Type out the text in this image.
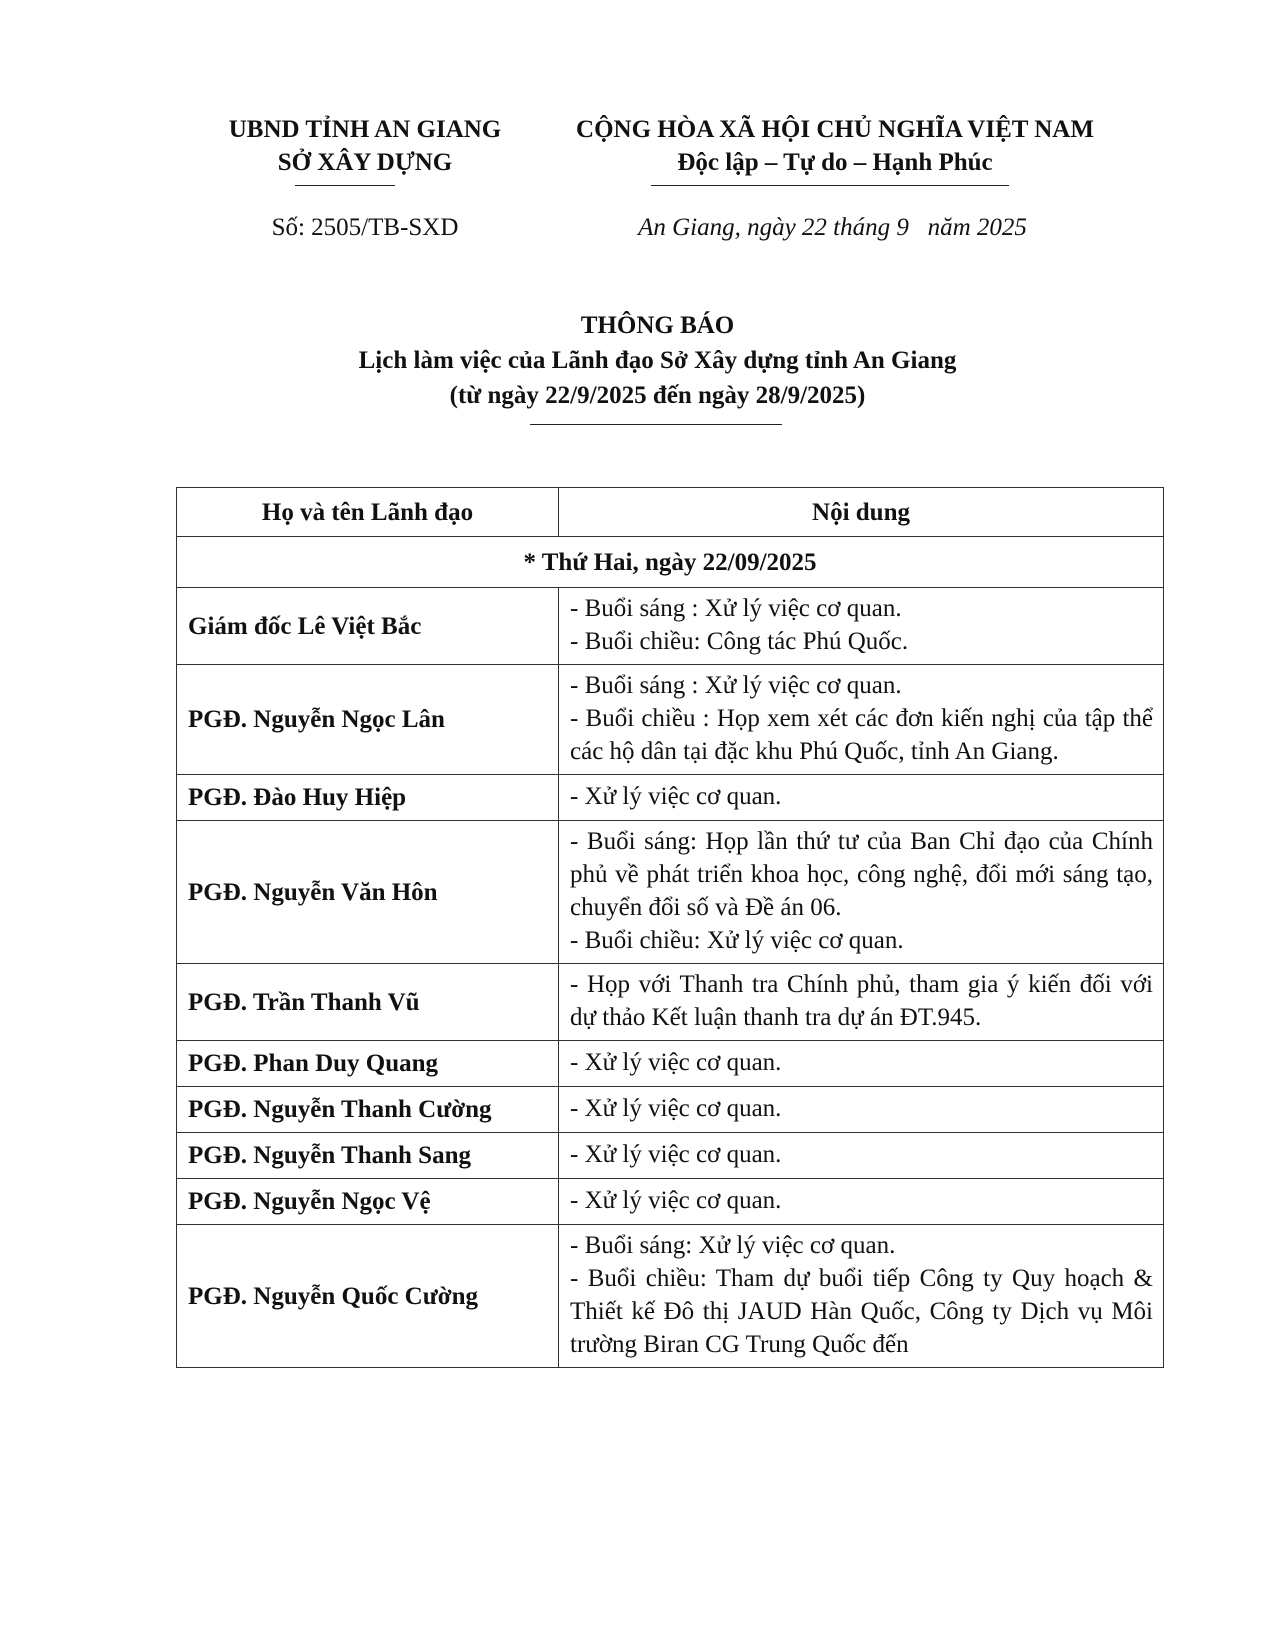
UBND TỈNH AN GIANG
SỞ XÂY DỰNG
CỘNG HÒA XÃ HỘI CHỦ NGHĨA VIỆT NAM
Độc lập – Tự do – Hạnh Phúc
Số: 2505/TB-SXD	An Giang, ngày 22 tháng 9   năm 2025
THÔNG BÁO
Lịch làm việc của Lãnh đạo Sở Xây dựng tỉnh An Giang
(từ ngày 22/9/2025 đến ngày 28/9/2025)
Họ và tên Lãnh đạo	Nội dung
* Thứ Hai, ngày 22/09/2025	
Giám đốc Lê Việt Bắc	- Buổi sáng : Xử lý việc cơ quan.
- Buổi chiều: Công tác Phú Quốc.

PGĐ. Nguyễn Ngọc Lân	- Buổi sáng : Xử lý việc cơ quan.
- Buổi chiều : Họp xem xét các đơn kiến nghị của tập thể các hộ dân tại đặc khu Phú Quốc, tỉnh An Giang.

PGĐ. Đào Huy Hiệp	- Xử lý việc cơ quan.

PGĐ. Nguyễn Văn Hôn	- Buổi sáng: Họp lần thứ tư của Ban Chỉ đạo của Chính phủ về phát triển khoa học, công nghệ, đổi mới sáng tạo, chuyển đổi số và Đề án 06.
- Buổi chiều: Xử lý việc cơ quan.

PGĐ. Trần Thanh Vũ	- Họp với Thanh tra Chính phủ, tham gia ý kiến đối với dự thảo Kết luận thanh tra dự án ĐT.945.

PGĐ. Phan Duy Quang	- Xử lý việc cơ quan.

PGĐ. Nguyễn Thanh Cường	- Xử lý việc cơ quan.

PGĐ. Nguyễn Thanh Sang	- Xử lý việc cơ quan.

PGĐ. Nguyễn Ngọc Vệ	- Xử lý việc cơ quan.

PGĐ. Nguyễn Quốc Cường	- Buổi sáng: Xử lý việc cơ quan.
- Buổi chiều: Tham dự buổi tiếp Công ty Quy hoạch & Thiết kế Đô thị JAUD Hàn Quốc, Công ty Dịch vụ Môi trường Biran CG Trung Quốc đến
